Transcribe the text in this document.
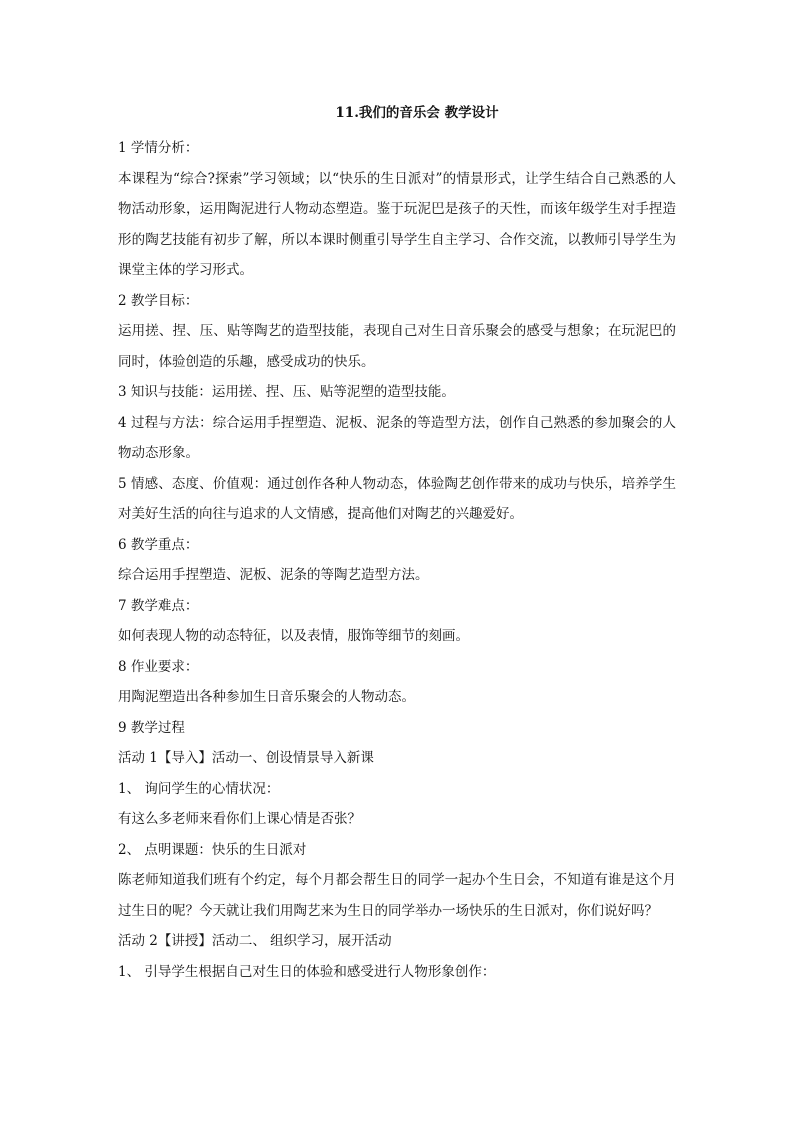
11.我们的音乐会 教学设计

1 学情分析：

本课程为“综合?探索”学习领域；以“快乐的生日派对”的情景形式，让学生结合自己熟悉的人物活动形象，运用陶泥进行人物动态塑造。鉴于玩泥巴是孩子的天性，而该年级学生对手捏造形的陶艺技能有初步了解，所以本课时侧重引导学生自主学习、合作交流，以教师引导学生为课堂主体的学习形式。

2 教学目标：

运用搓、捏、压、贴等陶艺的造型技能，表现自己对生日音乐聚会的感受与想象；在玩泥巴的同时，体验创造的乐趣，感受成功的快乐。

3 知识与技能：运用搓、捏、压、贴等泥塑的造型技能。

4 过程与方法：综合运用手捏塑造、泥板、泥条的等造型方法，创作自己熟悉的参加聚会的人物动态形象。

5 情感、态度、价值观：通过创作各种人物动态，体验陶艺创作带来的成功与快乐，培养学生对美好生活的向往与追求的人文情感，提高他们对陶艺的兴趣爱好。

6 教学重点：

综合运用手捏塑造、泥板、泥条的等陶艺造型方法。

7 教学难点：

如何表现人物的动态特征，以及表情，服饰等细节的刻画。

8 作业要求：

用陶泥塑造出各种参加生日音乐聚会的人物动态。

9 教学过程

活动 1【导入】活动一、创设情景导入新课

1、 询问学生的心情状况：

有这么多老师来看你们上课心情是否张？

2、 点明课题：快乐的生日派对

陈老师知道我们班有个约定，每个月都会帮生日的同学一起办个生日会，不知道有谁是这个月过生日的呢？今天就让我们用陶艺来为生日的同学举办一场快乐的生日派对，你们说好吗？

活动 2【讲授】活动二、 组织学习，展开活动

1、 引导学生根据自己对生日的体验和感受进行人物形象创作：
